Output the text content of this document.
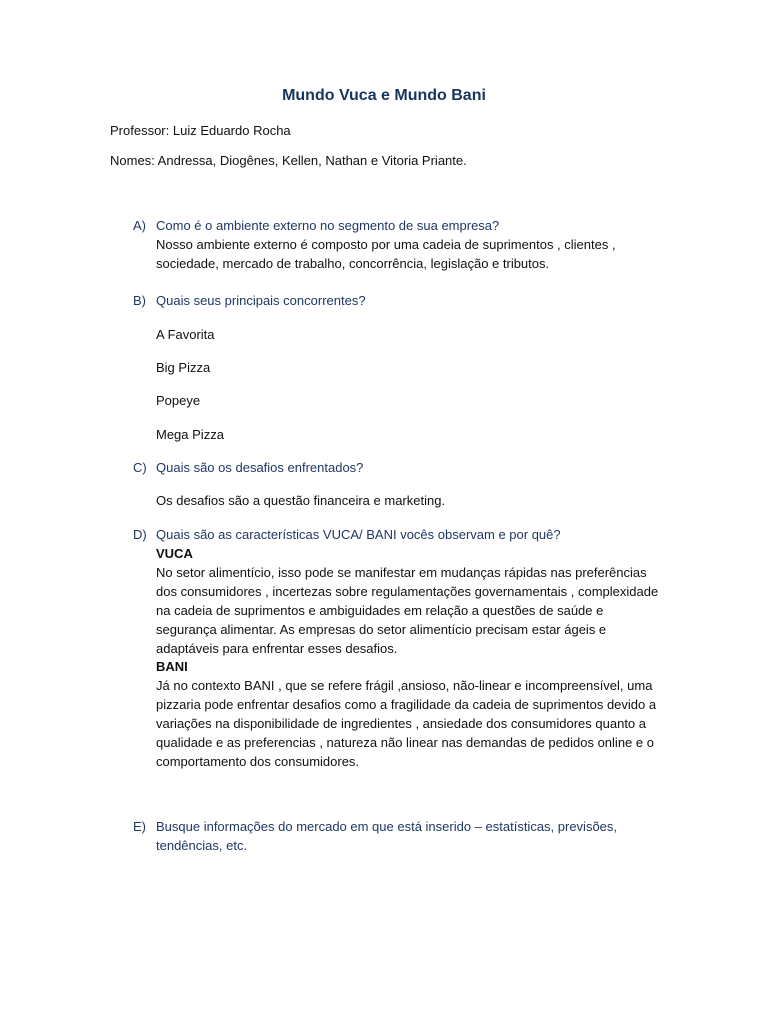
Mundo Vuca e Mundo Bani
Professor: Luiz Eduardo Rocha
Nomes: Andressa, Diogênes, Kellen, Nathan e Vitoria Priante.
A) Como é o ambiente externo no segmento de sua empresa?
Nosso ambiente externo é composto por uma cadeia de suprimentos , clientes , sociedade, mercado de trabalho, concorrência, legislação e tributos.
B) Quais seus principais concorrentes?
A Favorita
Big Pizza
Popeye
Mega Pizza
C) Quais são os desafios enfrentados?
Os desafios são a questão financeira e marketing.
D) Quais são as características VUCA/ BANI vocês observam e por quê?
VUCA
No setor alimentício, isso pode se manifestar em mudanças rápidas nas preferências dos consumidores , incertezas sobre regulamentações governamentais , complexidade na cadeia de suprimentos e ambiguidades em relação a questões de saúde e segurança alimentar. As empresas do setor alimentício precisam estar ágeis e adaptáveis para enfrentar esses desafios.
BANI
Já no contexto BANI , que se refere frágil ,ansioso, não-linear e incompreensível, uma pizzaria pode enfrentar desafios como a fragilidade da cadeia de suprimentos devido a variações na disponibilidade de ingredientes , ansiedade dos consumidores quanto a qualidade e as preferencias , natureza não linear nas demandas de pedidos online e o comportamento dos consumidores.
E) Busque informações do mercado em que está inserido – estatísticas, previsões, tendências, etc.
